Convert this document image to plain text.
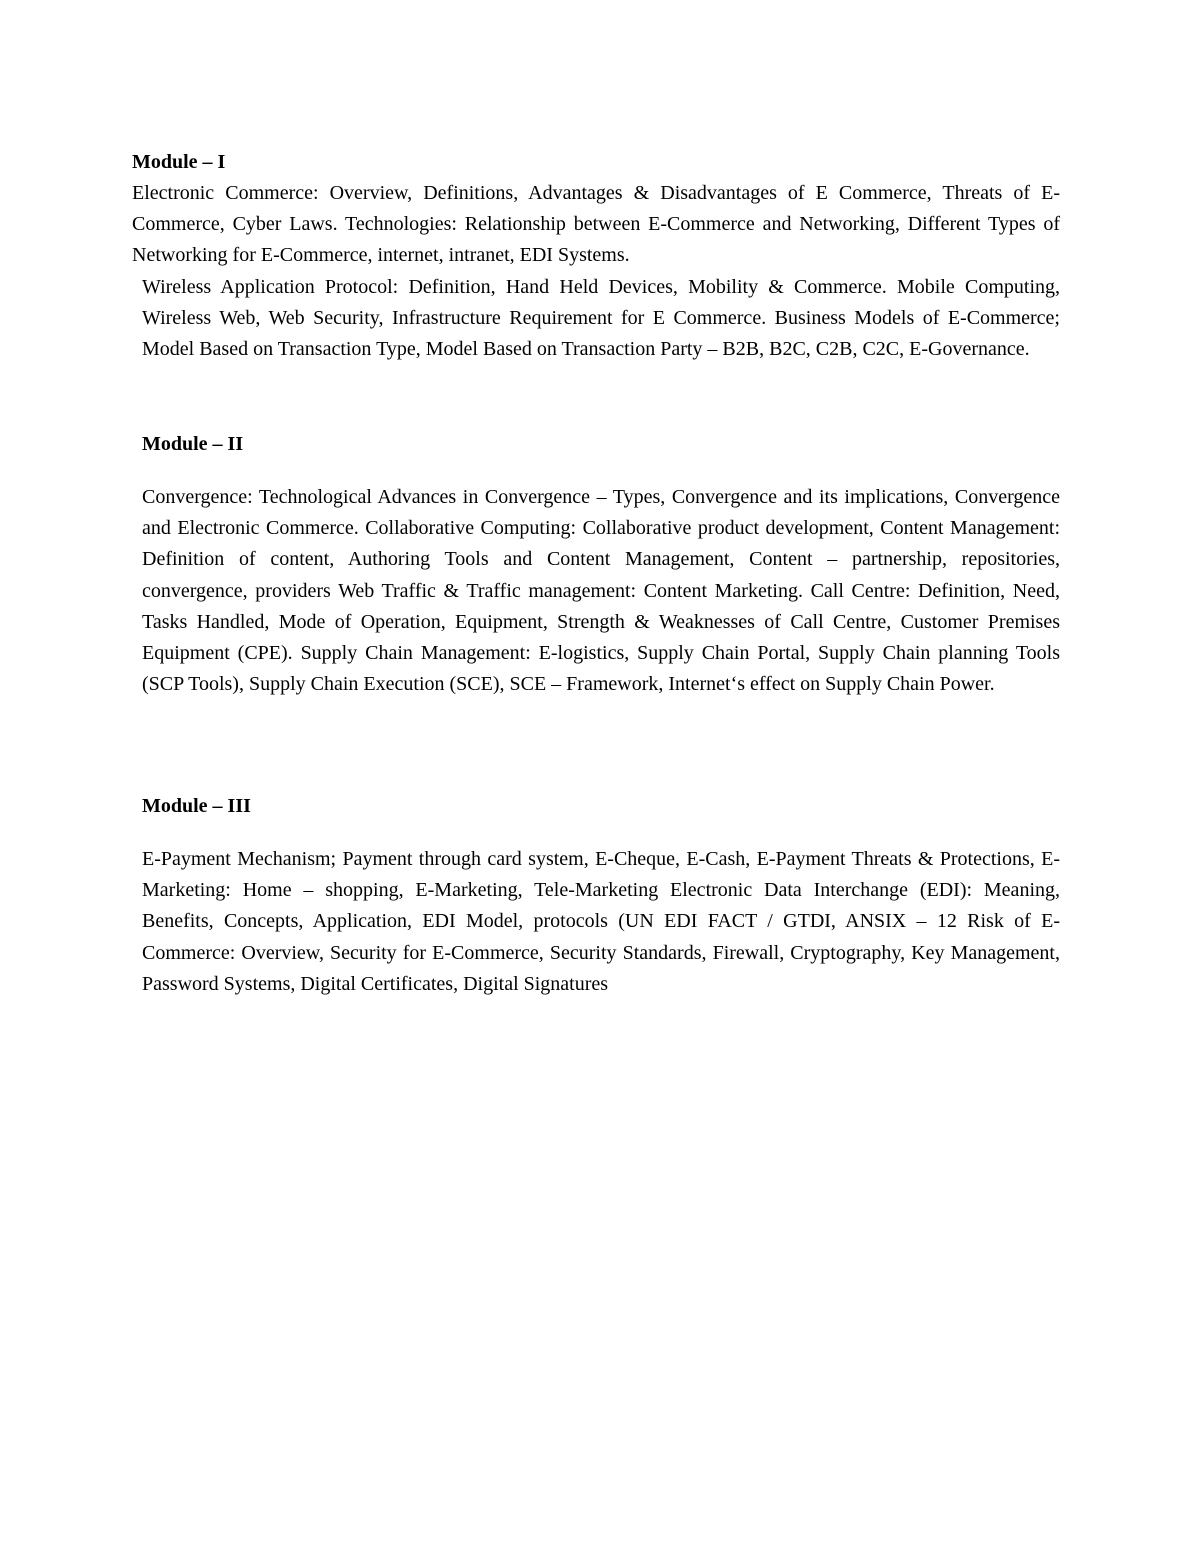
Module – I

Electronic Commerce: Overview, Definitions, Advantages & Disadvantages of E Commerce, Threats of E-Commerce, Cyber Laws. Technologies: Relationship between E-Commerce and Networking, Different Types of Networking for E-Commerce, internet, intranet, EDI Systems.

Wireless Application Protocol: Definition, Hand Held Devices, Mobility & Commerce. Mobile Computing, Wireless Web, Web Security, Infrastructure Requirement for E Commerce. Business Models of E-Commerce; Model Based on Transaction Type, Model Based on Transaction Party – B2B, B2C, C2B, C2C, E-Governance.

Module – II

Convergence: Technological Advances in Convergence – Types, Convergence and its implications, Convergence and Electronic Commerce. Collaborative Computing: Collaborative product development, Content Management: Definition of content, Authoring Tools and Content Management, Content – partnership, repositories, convergence, providers Web Traffic & Traffic management: Content Marketing. Call Centre: Definition, Need, Tasks Handled, Mode of Operation, Equipment, Strength & Weaknesses of Call Centre, Customer Premises Equipment (CPE). Supply Chain Management: E-logistics, Supply Chain Portal, Supply Chain planning Tools (SCP Tools), Supply Chain Execution (SCE), SCE – Framework, Internet‘s effect on Supply Chain Power.

Module – III

E-Payment Mechanism; Payment through card system, E-Cheque, E-Cash, E-Payment Threats & Protections, E-Marketing: Home – shopping, E-Marketing, Tele-Marketing Electronic Data Interchange (EDI): Meaning, Benefits, Concepts, Application, EDI Model, protocols (UN EDI FACT / GTDI, ANSIX – 12 Risk of E-Commerce: Overview, Security for E-Commerce, Security Standards, Firewall, Cryptography, Key Management, Password Systems, Digital Certificates, Digital Signatures
